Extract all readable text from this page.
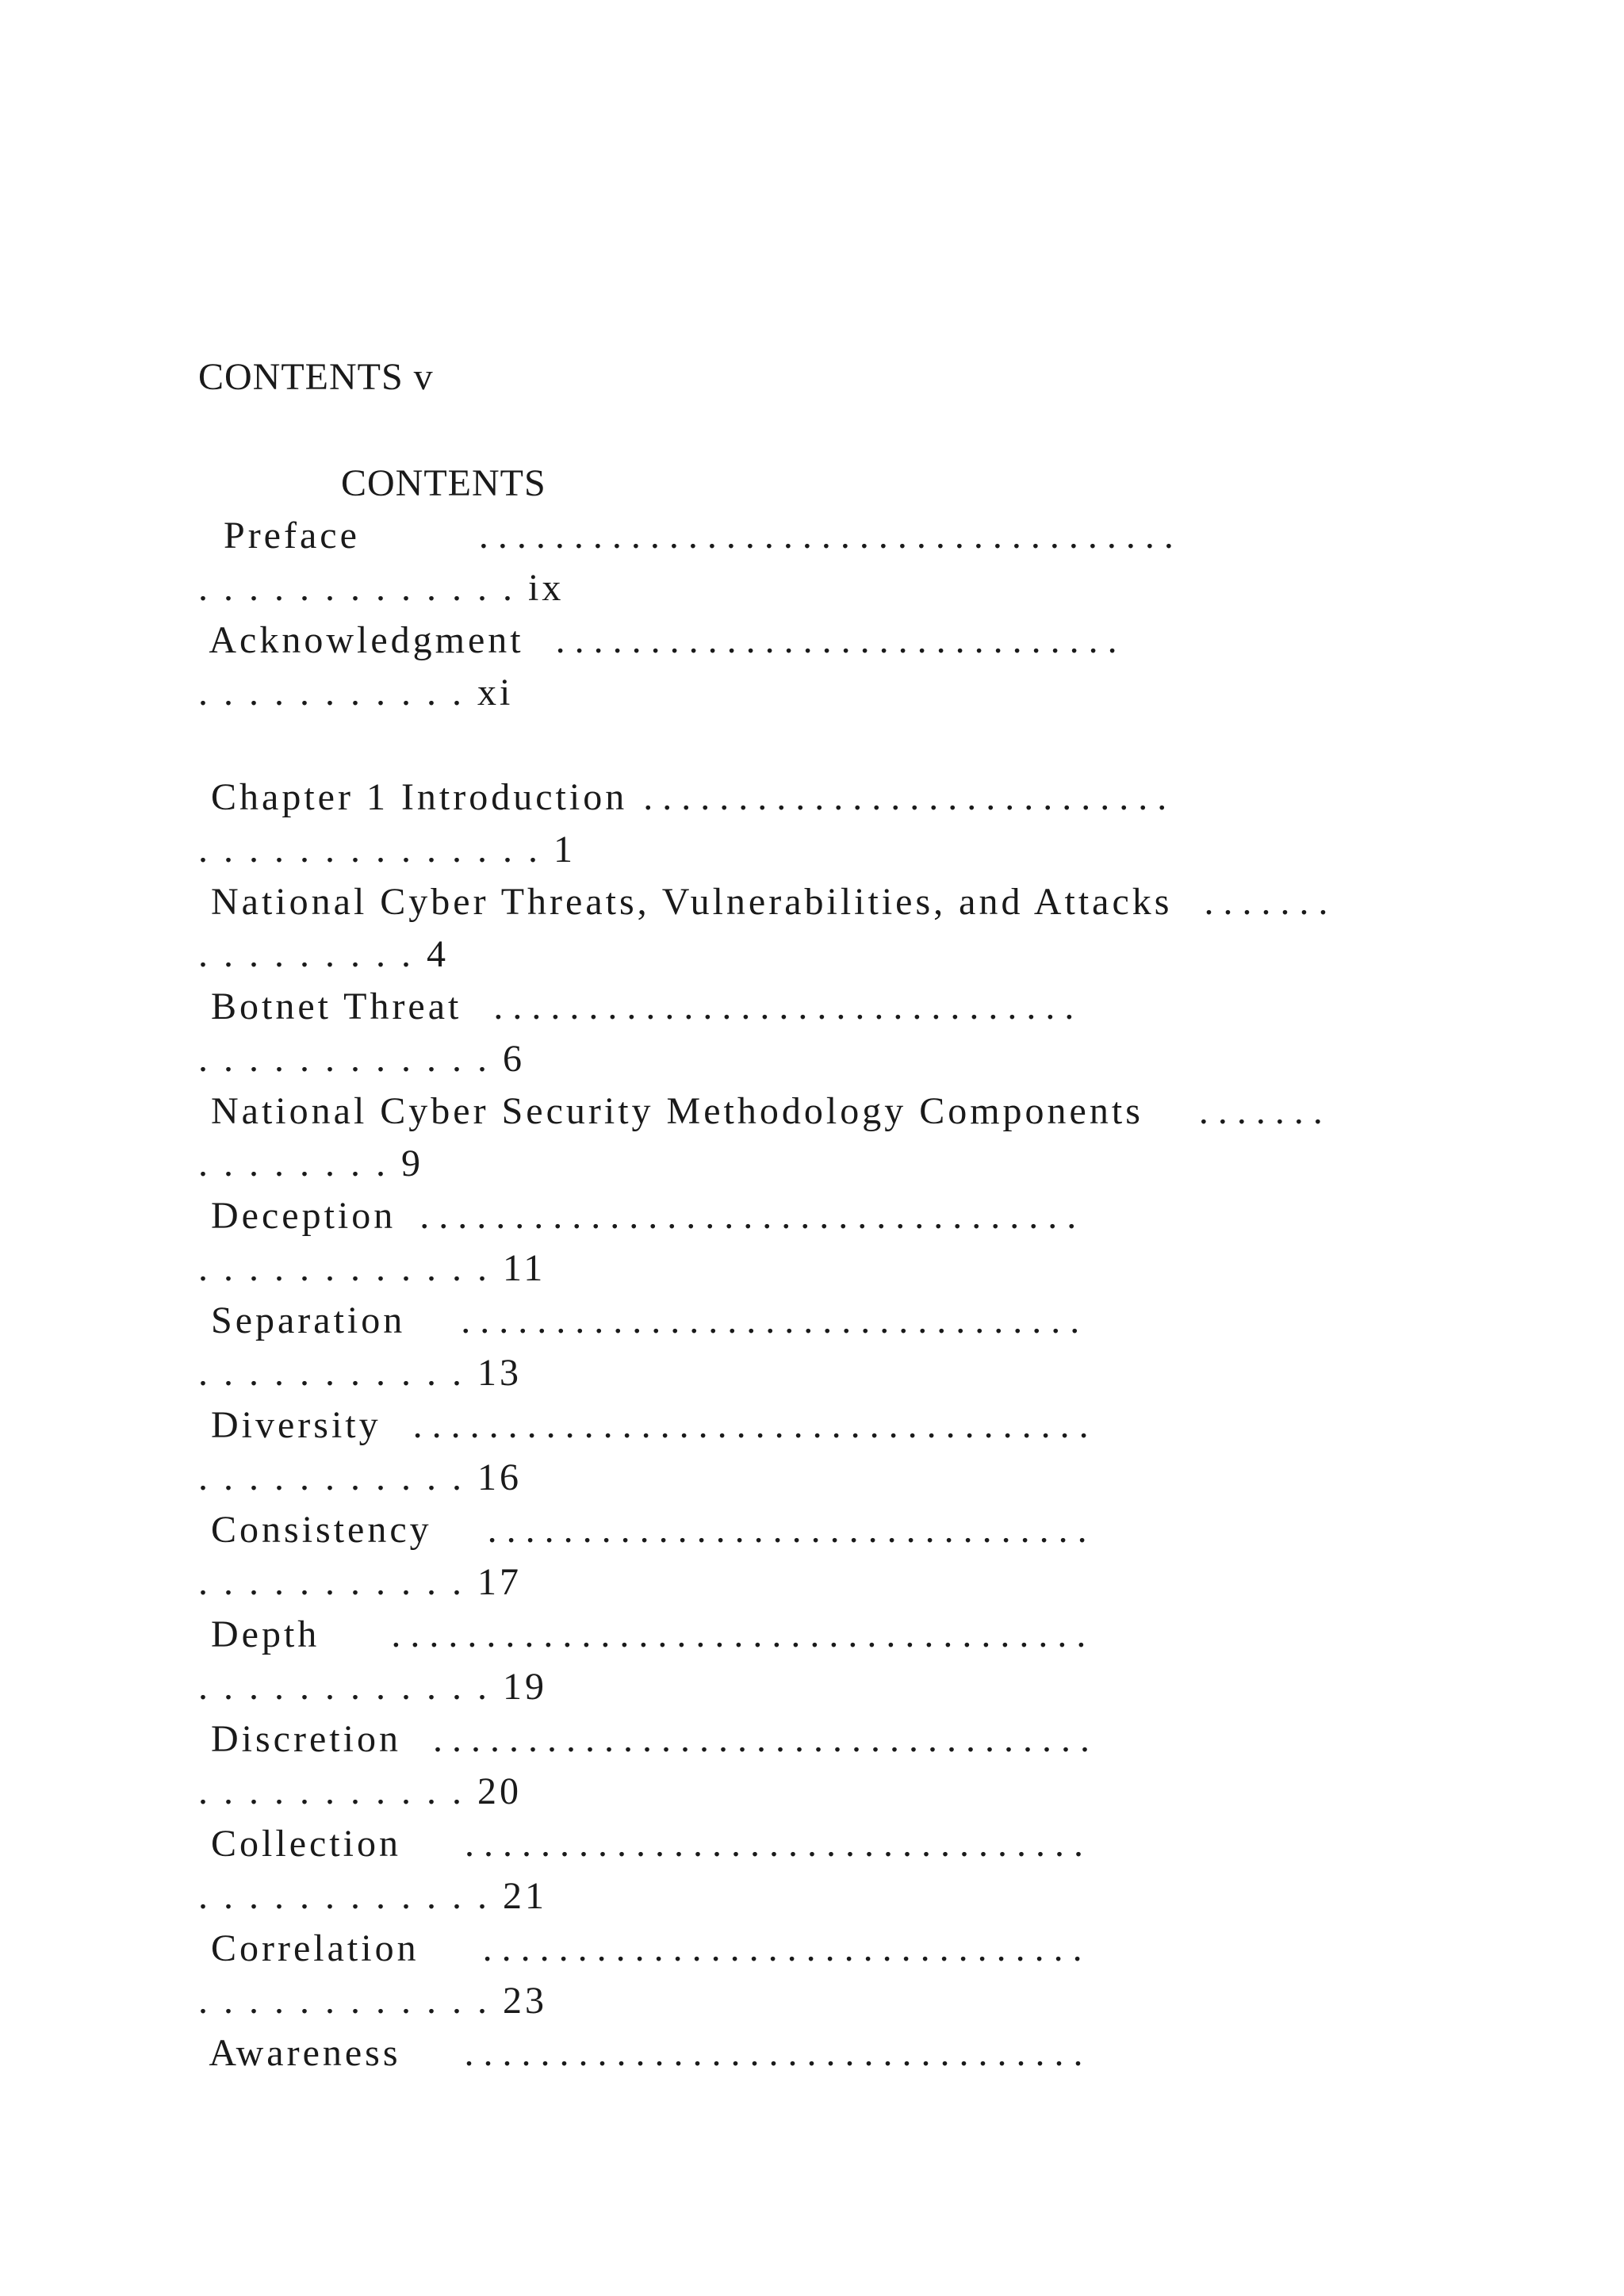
CONTENTS v
CONTENTS
Preface	. . . . . . . . . . . . . . . . . . . . . . . . . . . . . . . . . . . . .
. . . . . . . . . . . . . ix
Acknowledgment . . . . . . . . . . . . . . . . . . . . . . . . . . . . . .
. . . . . . . . . . . xi
Chapter 1 Introduction . . . . . . . . . . . . . . . . . . . . . . . . . . . .
. . . . . . . . . . . . . . 1
National Cyber Threats, Vulnerabilities, and Attacks . . . . . . .
. . . . . . . . . 4
Botnet Threat . . . . . . . . . . . . . . . . . . . . . . . . . . . . . . .
. . . . . . . . . . . . 6
National Cyber Security Methodology Components . . . . . . .
. . . . . . . . 9
Deception . . . . . . . . . . . . . . . . . . . . . . . . . . . . . . . . . . .
. . . . . . . . . . . . 11
Separation . . . . . . . . . . . . . . . . . . . . . . . . . . . . . . . . .
. . . . . . . . . . . 13
Diversity . . . . . . . . . . . . . . . . . . . . . . . . . . . . . . . . . . . .
. . . . . . . . . . . 16
Consistency . . . . . . . . . . . . . . . . . . . . . . . . . . . . . . . .
. . . . . . . . . . . 17
Depth . . . . . . . . . . . . . . . . . . . . . . . . . . . . . . . . . . . . .
. . . . . . . . . . . . 19
Discretion . . . . . . . . . . . . . . . . . . . . . . . . . . . . . . . . . . .
. . . . . . . . . . . 20
Collection . . . . . . . . . . . . . . . . . . . . . . . . . . . . . . . . .
. . . . . . . . . . . . 21
Correlation . . . . . . . . . . . . . . . . . . . . . . . . . . . . . . . .
. . . . . . . . . . . . 23
Awareness . . . . . . . . . . . . . . . . . . . . . . . . . . . . . . . . .
